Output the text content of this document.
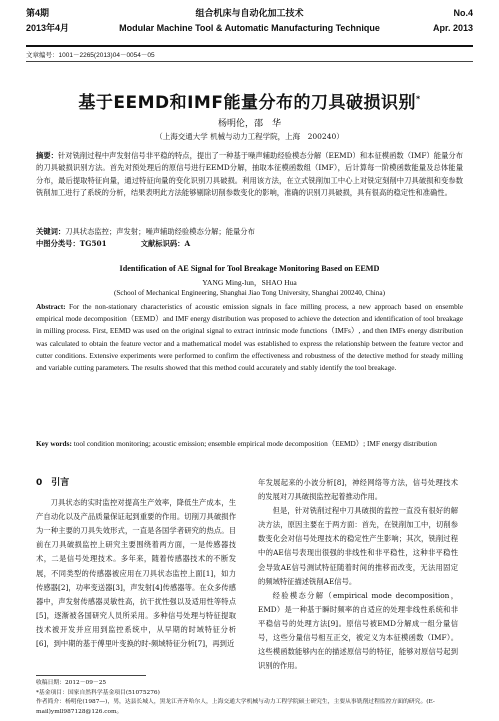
第4期	组合机床与自动化加工技术	No.4
2013年4月	Modular Machine Tool & Automatic Manufacturing Technique	Apr. 2013
文章编号：1001－2265(2013)04－0054－05
基于EEMD和IMF能量分布的刀具破损识别*
杨明伦，邵　华
（上海交通大学 机械与动力工程学院，上海　200240）
摘要：针对铣削过程中声发射信号非平稳的特点，提出了一种基于噪声辅助经验模态分解（EEMD）和本征模函数（IMF）能量分布的刀具破损识别方法。首先对预处理后的原信号进行EEMD分解，抽取本征模函数组（IMF），后计算每一阶模函数能量及总体能量分布，最后提取特征向量，通过特征向量的变化识别刀具破损。利用该方法，在立式铣削加工中心上对铣定刻削中刀具破损和变参数铣削加工进行了系统的分析，结果表明此方法能够剔除切削参数变化的影响，准确的识别刀具破损，具有很高的稳定性和准确性。
关键词：刀具状态监控；声发射；噪声辅助经验模态分解；能量分布
中图分类号：TG501	文献标识码：A
Identification of AE Signal for Tool Breakage Monitoring Based on EEMD
YANG Ming-lun，SHAO Hua
(School of Mechanical Engineering, Shanghai Jiao Tong University, Shanghai 200240, China)
Abstract: For the non-stationary characteristics of acoustic emission signals in face milling process, a new approach based on ensemble empirical mode decomposition（EEMD）and IMF energy distribution was proposed to achieve the detection and identification of tool breakage in milling process. First, EEMD was used on the original signal to extract intrinsic mode functions（IMFs）, and then IMFs energy distribution was calculated to obtain the feature vector and a mathematical model was established to express the relationship between the feature vector and cutter conditions. Extensive experiments were performed to confirm the effectiveness and robustness of the detective method for steady milling and variable cutting parameters. The results showed that this method could accurately and stably identify the tool breakage.
Key words: tool condition monitoring; acoustic emission; ensemble empirical mode decomposition（EEMD）; IMF energy distribution
0　引言

刀具状态的实时监控对提高生产效率，降低生产成本，生产自动化以及产品质量保证起到重要的作用。切削刀具破损作为一种主要的刀具失效形式，一直是各国学者研究的热点。目前在刀具破损监控上研究主要围绕着两方面，一是传感器技术，二是信号处理技术。多年来，随着传感器技术的不断发展，不同类型的传感器被应用在刀具状态监控上面[1]，如力传感器[2]，功率变送器[3]，声发射[4]传感器等。在众多传感器中，声发射传感器灵敏性高，抗干扰性强以及适用性等特点[5]，逐渐被各国研究人员所采用。多种信号处理与特征提取技术被开发并应用到监控系统中，从早期的时域特征分析[6]，到中期的基于傅里叶变换的时-频域特征分析[7]，再到近

年发展起来的小波分析[8]，神经网络等方法，信号处理技术的发展对刀具破损监控起着推动作用。

但是，针对铣削过程中刀具破损的监控一直没有很好的解决方法，原因主要在于两方面：首先，在铣削加工中，切削参数变化会对信号处理技术的稳定性产生影响；其次，铣削过程中的AE信号表现出很强的非线性和非平稳性，这种非平稳性会导致AE信号测试特征随着时间的推移而改变，无法用固定的频域特征描述铣削AE信号。

经验模态分解（empirical mode decomposition，EMD）是一种基于瞬时频率的自适应的处理非线性系统和非平稳信号的处理方法[9]。原信号被EMD分解成一组分量信号，这些分量信号相互正交，被定义为本征模函数（IMF）。这些模函数能够内在的描述原信号的特征，能够对原信号起到识别的作用。

收稿日期：2012－09－25

*基金项目：国家自然科学基金项目(51075276)

作者简介：杨明伦(1987—)，男，达县长城人，黑龙江齐齐哈尔人，上海交通大学机械与动力工程学院硕士研究生，主要从事铣削过程监控方面的研究。(E-mail)ymll987128@126.com。
